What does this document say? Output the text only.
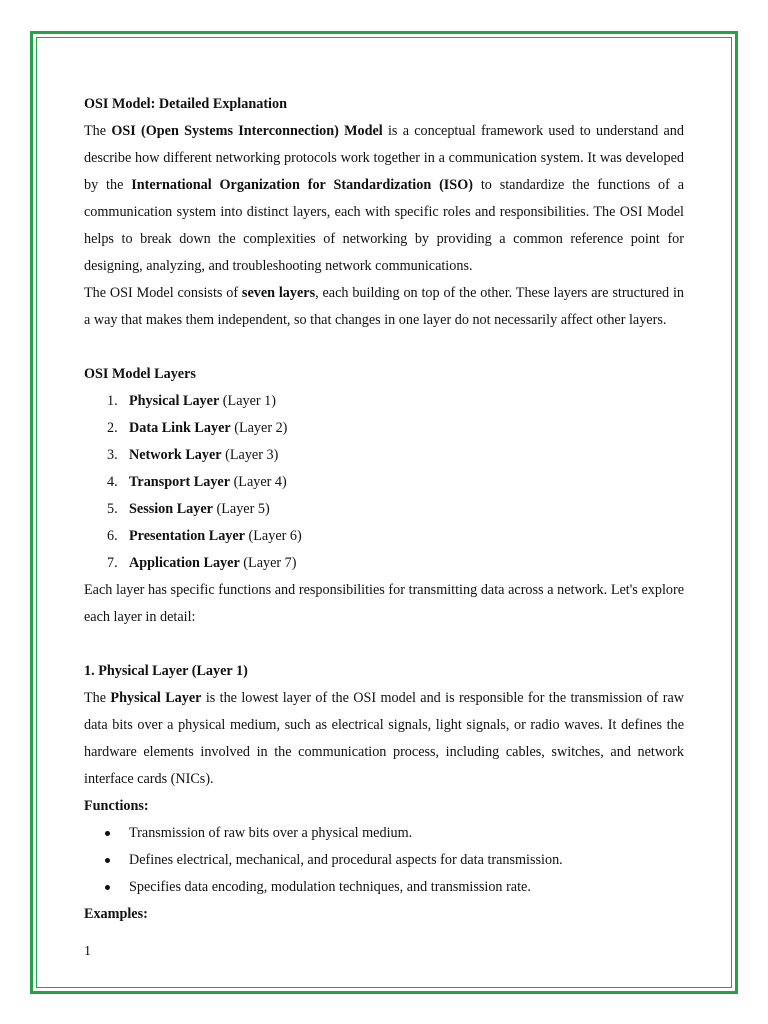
OSI Model: Detailed Explanation

The OSI (Open Systems Interconnection) Model is a conceptual framework used to understand and describe how different networking protocols work together in a communication system. It was developed by the International Organization for Standardization (ISO) to standardize the functions of a communication system into distinct layers, each with specific roles and responsibilities. The OSI Model helps to break down the complexities of networking by providing a common reference point for designing, analyzing, and troubleshooting network communications.

The OSI Model consists of seven layers, each building on top of the other. These layers are structured in a way that makes them independent, so that changes in one layer do not necessarily affect other layers.

OSI Model Layers
1. Physical Layer (Layer 1)
2. Data Link Layer (Layer 2)
3. Network Layer (Layer 3)
4. Transport Layer (Layer 4)
5. Session Layer (Layer 5)
6. Presentation Layer (Layer 6)
7. Application Layer (Layer 7)

Each layer has specific functions and responsibilities for transmitting data across a network. Let's explore each layer in detail:

1. Physical Layer (Layer 1)

The Physical Layer is the lowest layer of the OSI model and is responsible for the transmission of raw data bits over a physical medium, such as electrical signals, light signals, or radio waves. It defines the hardware elements involved in the communication process, including cables, switches, and network interface cards (NICs).

Functions:
Transmission of raw bits over a physical medium.
Defines electrical, mechanical, and procedural aspects for data transmission.
Specifies data encoding, modulation techniques, and transmission rate.
Examples:
1
